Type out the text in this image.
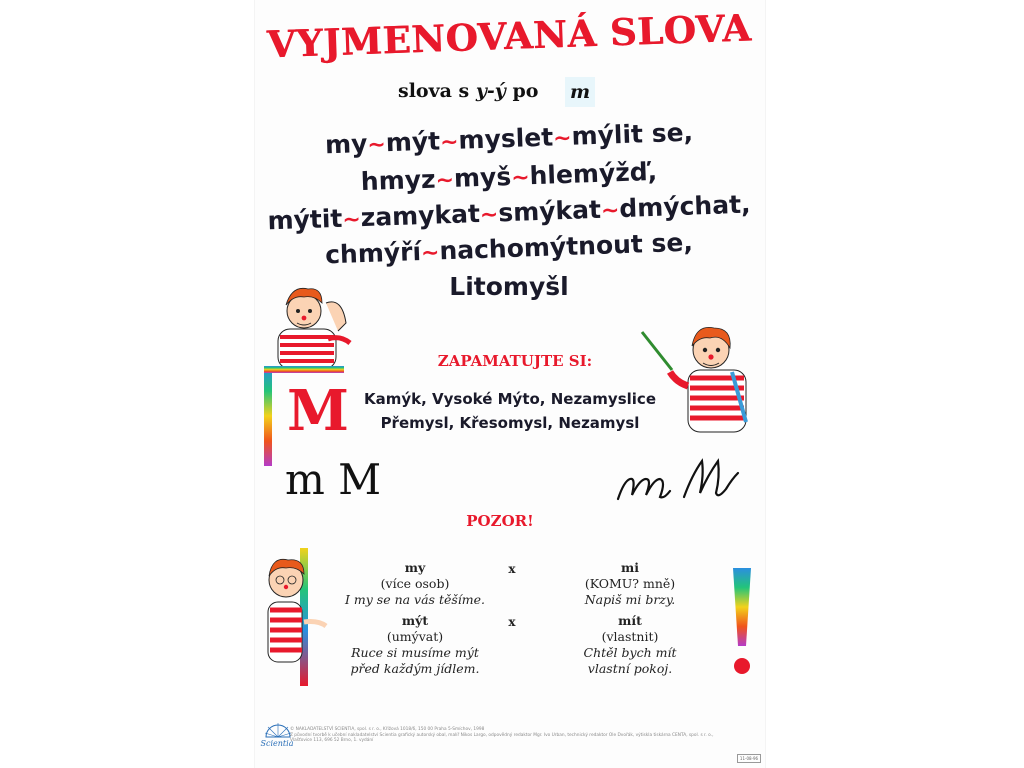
VYJMENOVANÁ SLOVA
slova s y-ý po	m
my~mýt~myslet~mýlit se,
hmyz~myš~hlemýžď,
mýtit~zamykat~smýkat~dmýchat,
chmýří~nachomýtnout se,
Litomyšl
M
ZAPAMATUJTE SI:
Kamýk, Vysoké Mýto, Nezamyslice
Přemysl, Křesomysl, Nezamysl
m M
POZOR!
my
(více osob)
I my se na vás těšíme.
x	mi
(KOMU? mně)
Napiš mi brzy.
mýt
(umývat)
Ruce si musíme mýt
před každým jídlem.
x	mít
(vlastnit)
Chtěl bych mít
vlastní pokoj.
Scientia
© NAKLADATELSTVÍ SCIENTIA, spol. s r. o., Křížová 1018/6, 150 00 Praha 5-Smíchov, 1998
Z původní tvorbě k učební nakladatelství Scientia grafický autorský obal, malíř Nikos Largo, odpovědný redaktor Mgr. Ivo Urban, technický redaktor Ole Dvořák, výtiskla tiskárna CENTA, spol. s r. o., Vlašťovice 113, 696 52 Brno, 1. vydání
11-08-96
